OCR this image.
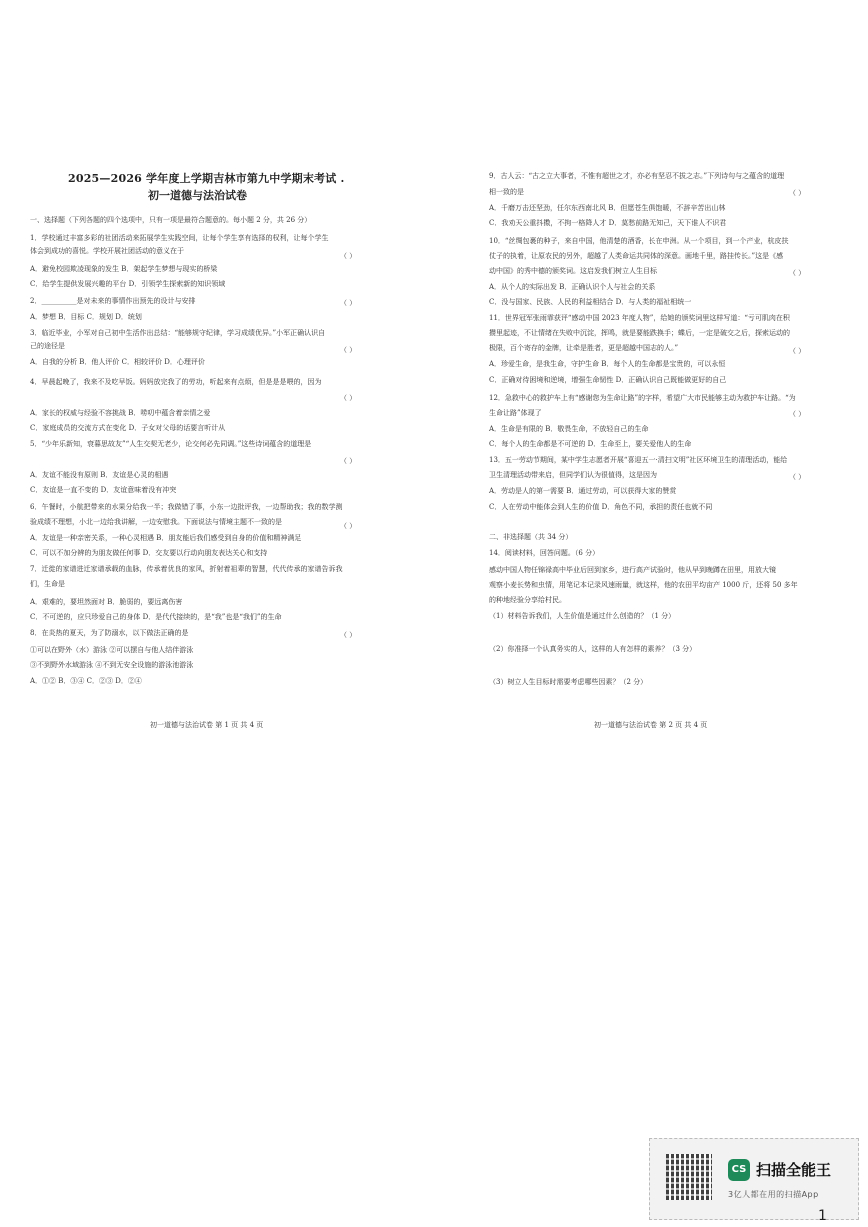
2025—2026 学年度上学期吉林市第九中学期末考试 .
初一道德与法治试卷
一、选择题（下列各题的四个选项中，只有一项是最符合题意的。每小题 2 分，共 26 分）
1．学校通过丰富多彩的社团活动来拓展学生实践空间，让每个学生享有选择的权利，让每个学生
体会到成功的喜悦。学校开展社团活动的意义在于
A．避免校园欺凌现象的发生 B．架起学生梦想与现实的桥梁
C．给学生提供发展兴趣的平台 D．引领学生探索新的知识领域
2．__________是对未来的事情作出预先的设计与安排
A．梦想 B．目标 C．规划 D．统划
3．临近毕业，小军对自己初中生活作出总结：“能够规守纪律，学习成绩优异。”小军正确认识自
己的途径是
A．自我的分析 B．他人评价 C．相较评价 D．心理评价
4．早晨起晚了，我来不及吃早饭。妈妈放完我了的劳功，听起来有点烦，但是是是喂的，因为
A．家长的权威与经验不容挑战 B．唠叨中蕴含着亲情之爱
C．家庭成员的交流方式在变化 D．子女对父母的话要言听计从
5．“少年乐新知，衰暮思故友”“人生交契无老少，论交何必先同调。”这些诗词蕴含的道理是
A．友谊不能没有原则 B．友谊是心灵的相遇
C．友谊是一直不变的 D．友谊意味着没有冲突
6．午餐时，小航把带来的水果分给我一半；我做错了事，小东一边批评我，一边帮助我；我的数学测
验成绩不理想，小北一边给我讲解，一边安慰我。下面说法与情境主题不一致的是
A．友谊是一种亲密关系，一种心灵相遇 B．朋友能后我们感受到自身的价值和精神满足
C．可以不加分辨的为朋友做任何事 D．交友要以行动向朋友表达关心和支持
7．迁徙的家谱进迁家谱承载的血脉，传承着优良的家风，折射着祖辈的智慧，代代传承的家谱告诉我
们，生命是
A．艰难的，要坦然面对 B．脆弱的，要远离伤害
C．不可逆的，应只珍爱自己的身体 D．是代代接续的，是“我”也是“我们”的生命
8．在炎热的夏天，为了防溺水，以下做法正确的是
①可以在野外（水）游泳 ②可以摆自与他人结伴游泳
③不到野外水域游泳 ④不到无安全设施的游泳池游泳
A．①② B．③④ C．②③ D．②④
（ ）
（ ）
（ ）
（ ）
（ ）
（ ）
（ ）
初一道德与法治试卷 第 1 页 共 4 页
9．古人云：“古之立大事者，不惟有超世之才，亦必有坚忍不拔之志。”下列诗句与之蕴含的道理
相一致的是
A．千磨万击还坚劲，任尔东西南北风 B．但愿苍生俱饱暖，不辞辛苦出山林
C．我劝天公重抖擞，不拘一格降人才 D．莫愁前路无知己，天下谁人不识君
10．“丝绸包裹的种子，来自中国，他清楚的酒香，长在申洲。从一个项目，到一个产业，杭皮扶
仗子的执着，让原农民的另外，超越了人类命运共同体的深意。画地千里，路挂传长。”这是《感
动中国》的秀中德的颁奖词。这启发我们树立人生目标
A．从个人的实际出发 B．正确认识个人与社会的关系
C．没与国家、民族、人民的利益相结合 D．与人类的福祉相统一
11．世界冠军张雨霏获评“感动中国 2023 年度人物”，给她的颁奖词里这样写道：“亏可肌肉在积
攒里起迹，不让情绪在失败中沉淀，挥鸣，就是要能跌换手；蝶后，一定是破交之后，探索运动的
极限，百个寄存的金牌，让牵是胜者，更是超越中国志的人。”
A．珍爱生命，是我生命，守护生命 B．每个人的生命都是宝贵的，可以永恒
C．正确对待困境和逆境，增强生命韧性 D．正确认识自己既能做更好的自己
12．急救中心的救护车上有“感谢您为生命让路”的字样，希望广大市民能够主动为救护车让路。“为
生命让路”体现了
A．生命是有限的 B．敬畏生命，不放轻自己的生命
C．每个人的生命都是不可逆的 D．生命至上，要关爱他人的生命
13．五一劳动节期间，某中学生志愿者开展“喜迎五一·清扫文明”社区环境卫生的清理活动，能给
卫生清理活动带来启，但同学们认为很值得，这是因为
A．劳动是人的第一需要 B．通过劳动，可以获得大家的赞赏
C．人在劳动中能体会到人生的价值 D．角色不同，承担的责任也就不同
二、非选择题（共 34 分）
14．阅读材料，回答问题。（6 分）
感动中国人物任锦禄高中毕业后回到家乡，进行高产试验时，他从早到晚蹲在田里，用放大镜
观察小麦长势和虫情，用笔记本记录风速雨量，就这样，他的农田平均亩产 1000 斤，还将 50 多年
的种地经验分享给村民。
（1）材料告诉我们，人生价值是通过什么创造的？（1 分）
（2）你准择一个认真务实的人，这样的人有怎样的素养？（3 分）
（3）树立人生目标时需要考虑哪些因素？（2 分）
（ ）
（ ）
（ ）
（ ）
（ ）
初一道德与法治试卷 第 2 页 共 4 页
CS 扫描全能王
3亿人都在用的扫描App
1
